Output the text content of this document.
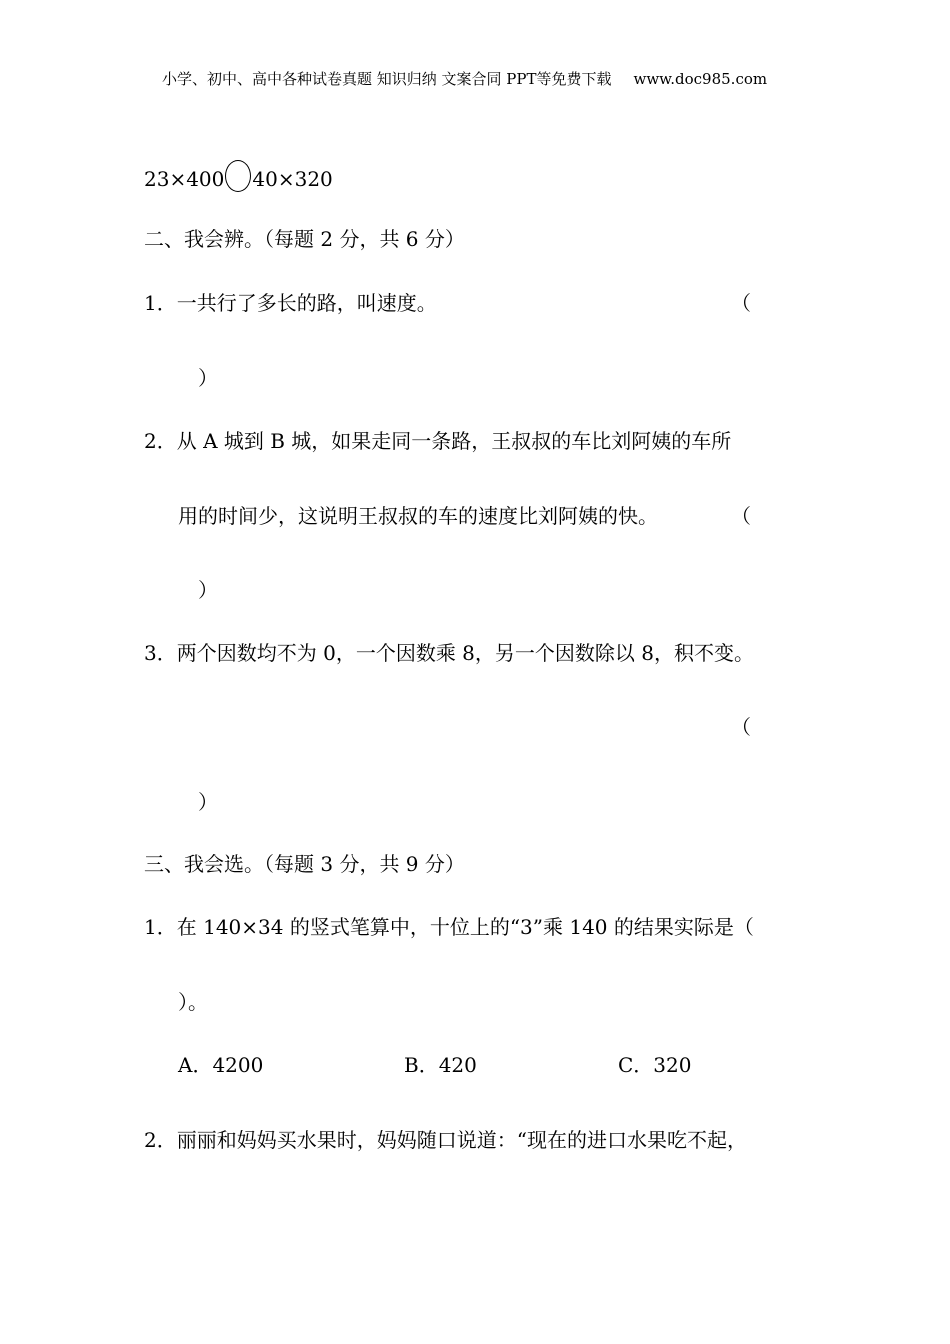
小学、初中、高中各种试卷真题 知识归纳 文案合同 PPT等免费下载 www.doc985.com
23×400 40×320
二、我会辨。（每题 2 分，共 6 分）
1．一共行了多长的路，叫速度。	（
）
2．从 A 城到 B 城，如果走同一条路，王叔叔的车比刘阿姨的车所
用的时间少，这说明王叔叔的车的速度比刘阿姨的快。	（
）
3．两个因数均不为 0，一个因数乘 8，另一个因数除以 8，积不变。
（
）
三、我会选。（每题 3 分，共 9 分）
1．在 140×34 的竖式笔算中，十位上的“3”乘 140 的结果实际是（
）。
A．4200	B．420	C．320
2．丽丽和妈妈买水果时，妈妈随口说道：“现在的进口水果吃不起，
